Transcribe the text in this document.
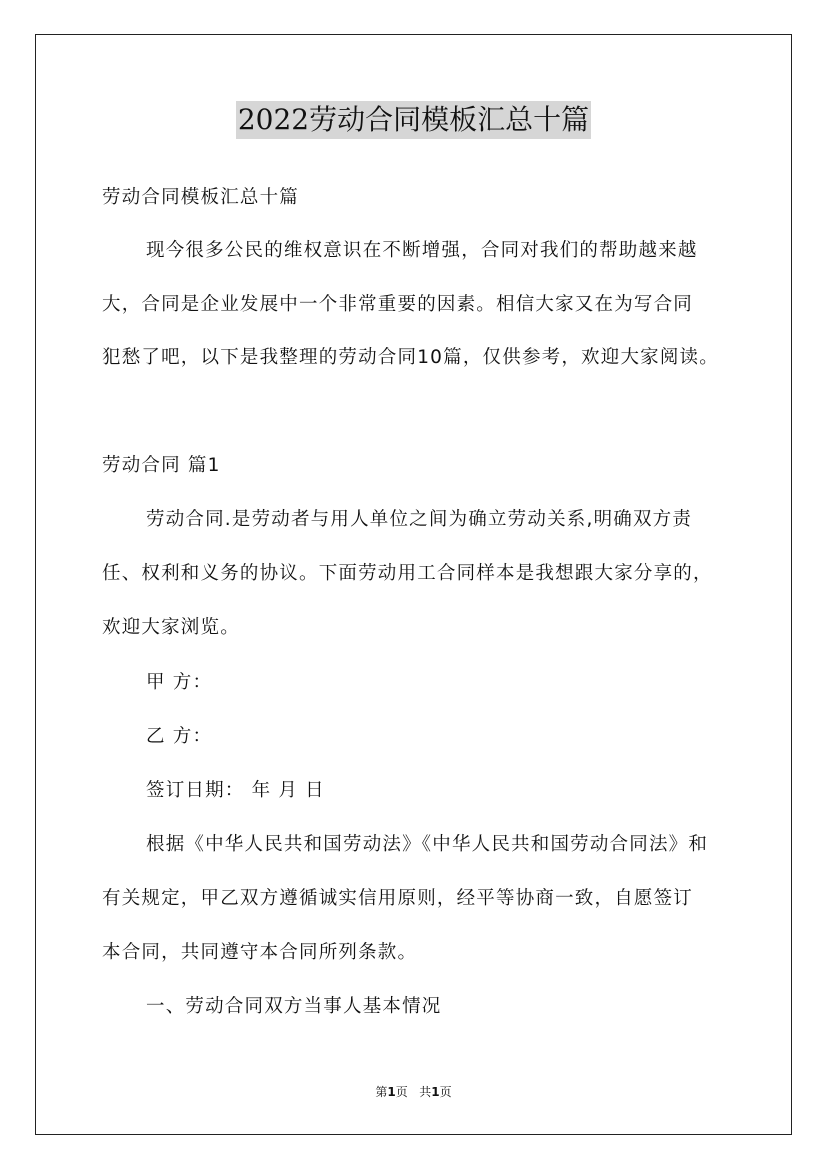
2022劳动合同模板汇总十篇
劳动合同模板汇总十篇
现今很多公民的维权意识在不断增强，合同对我们的帮助越来越
大，合同是企业发展中一个非常重要的因素。相信大家又在为写合同
犯愁了吧，以下是我整理的劳动合同10篇，仅供参考，欢迎大家阅读。
劳动合同 篇1
劳动合同.是劳动者与用人单位之间为确立劳动关系,明确双方责
任、权利和义务的协议。下面劳动用工合同样本是我想跟大家分享的，
欢迎大家浏览。
甲 方：
乙 方：
签订日期： 年 月 日
根据《中华人民共和国劳动法》《中华人民共和国劳动合同法》和
有关规定，甲乙双方遵循诚实信用原则，经平等协商一致，自愿签订
本合同，共同遵守本合同所列条款。
一、劳动合同双方当事人基本情况
第1页   共1页
